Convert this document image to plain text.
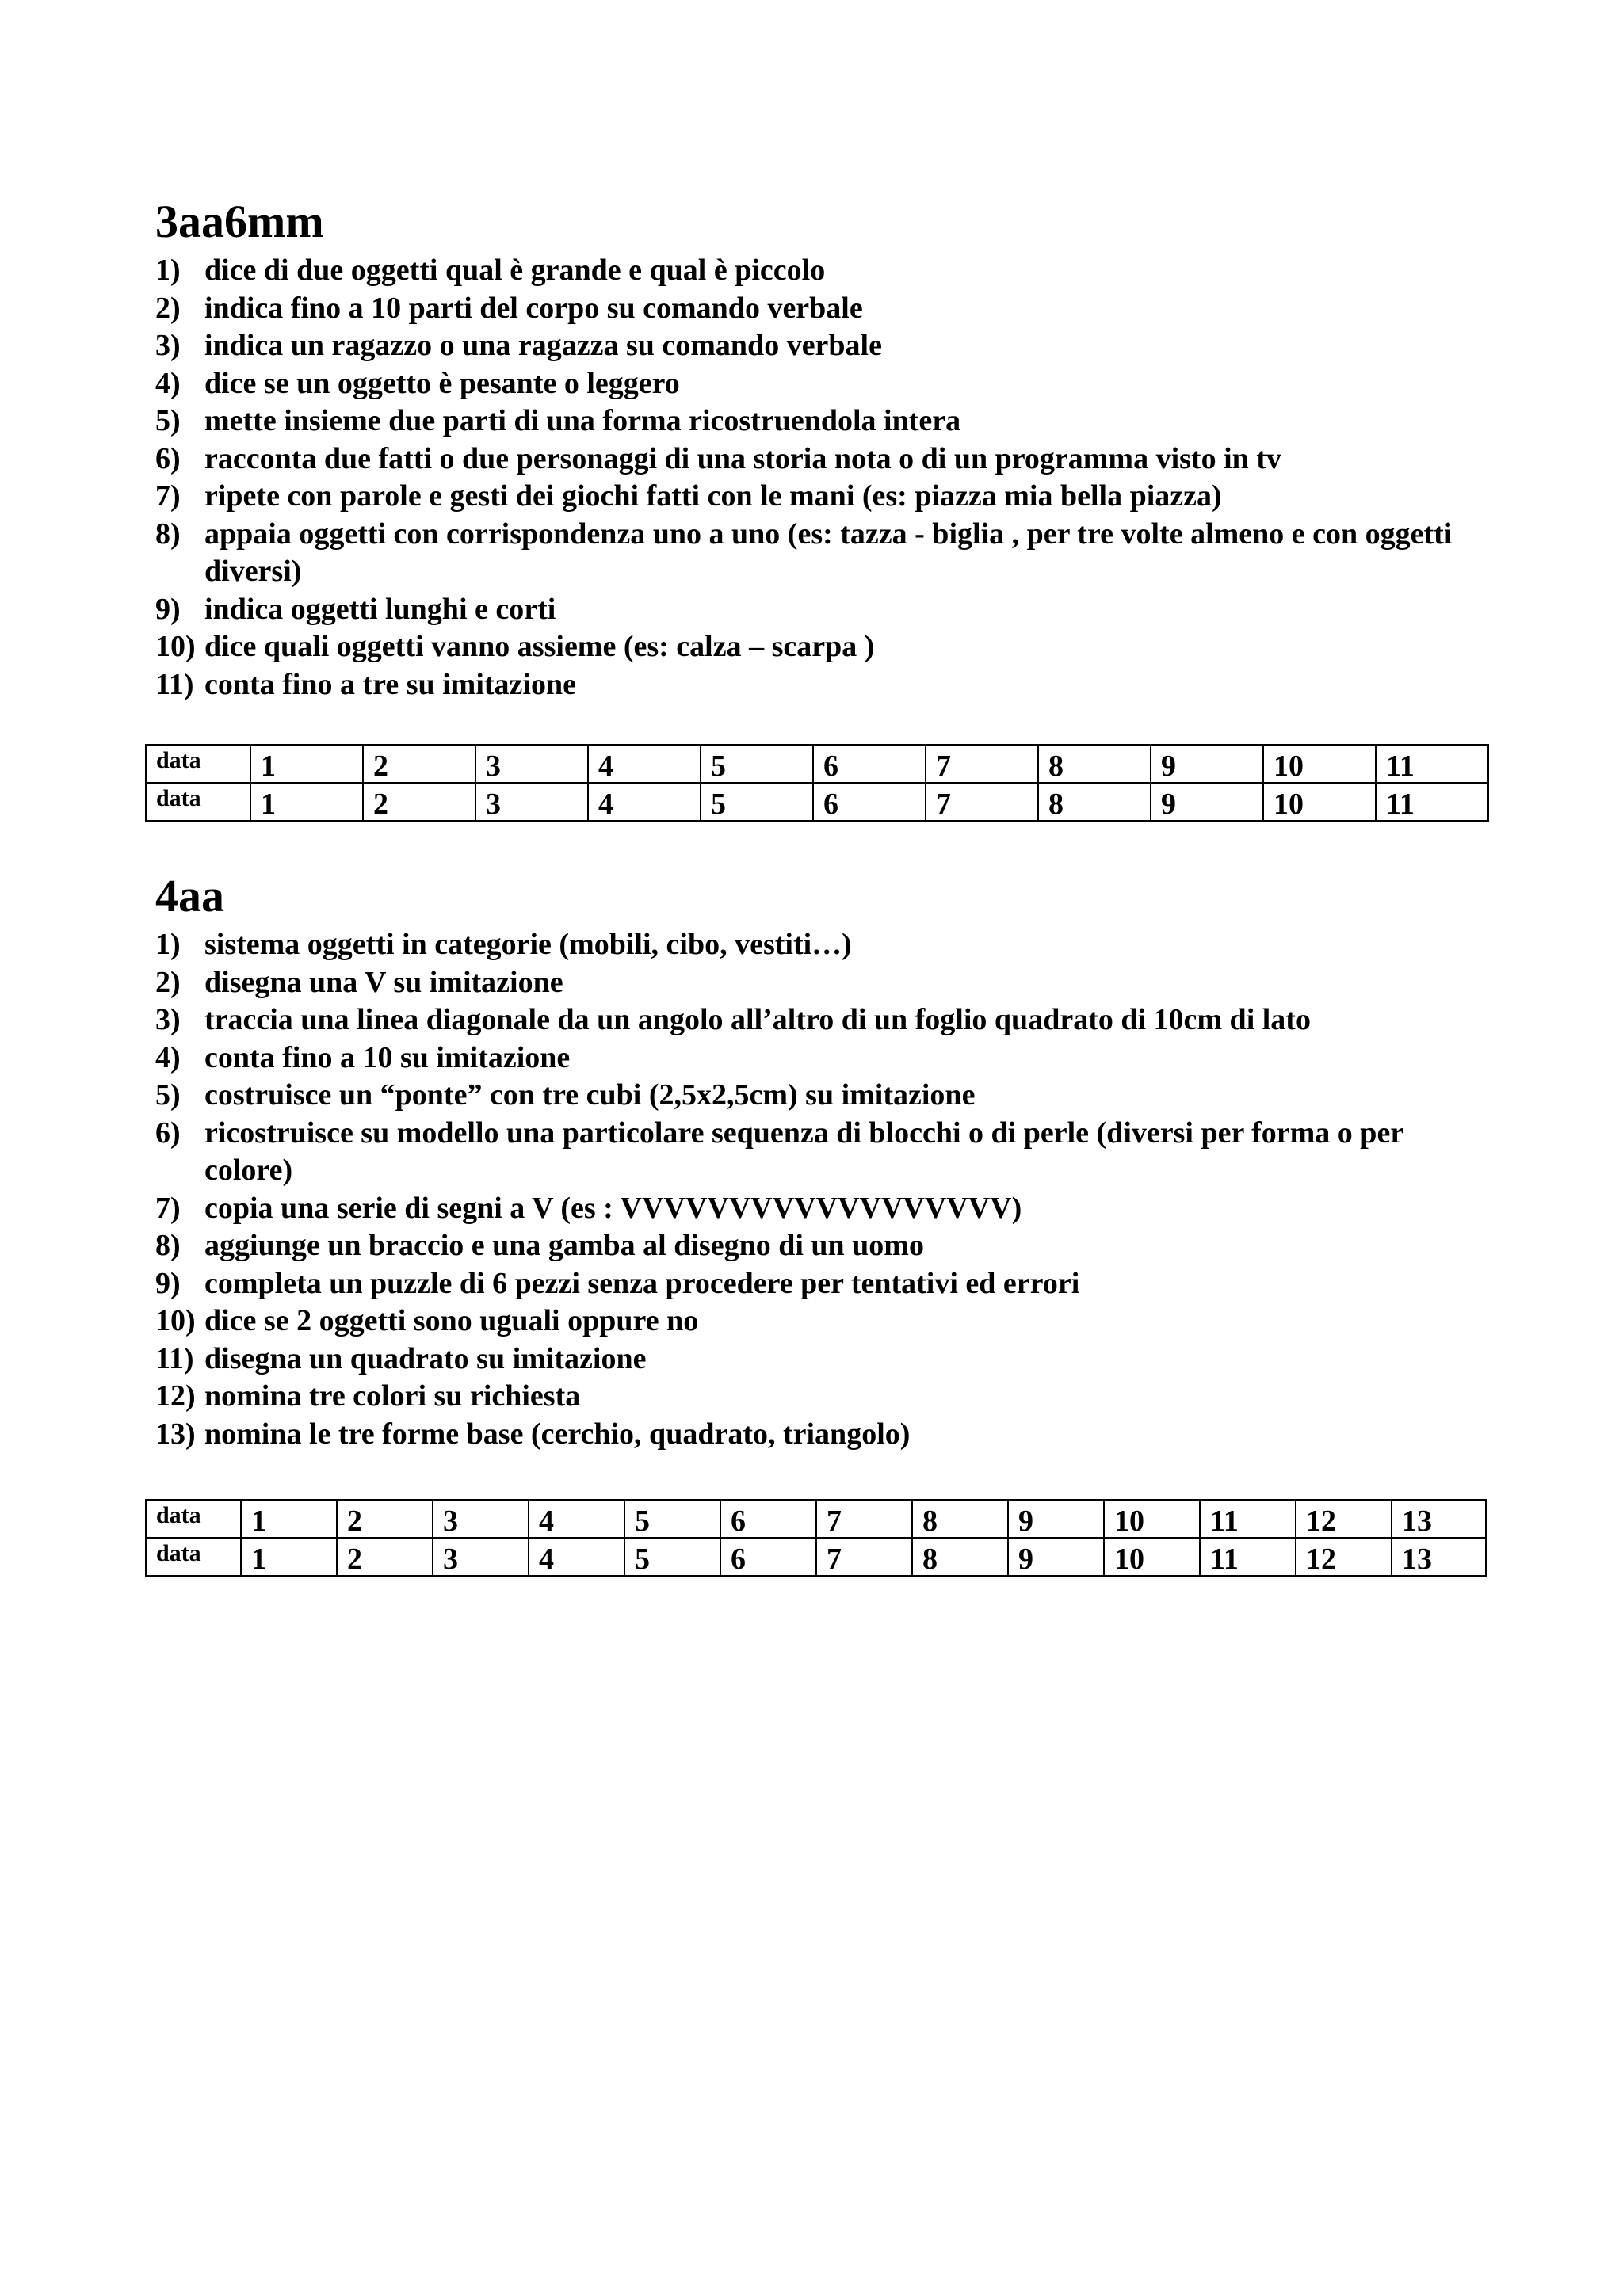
3aa6mm
1) dice di due oggetti qual è grande e qual è piccolo
2) indica fino a 10 parti del corpo su comando verbale
3) indica un ragazzo o una ragazza su comando verbale
4) dice se un oggetto è pesante o leggero
5) mette insieme due parti di una forma ricostruendola intera
6) racconta due fatti o due personaggi di una storia nota o di un programma visto in tv
7) ripete con parole e gesti dei giochi fatti con le mani (es: piazza mia bella piazza)
8) appaia oggetti con corrispondenza uno a uno (es: tazza - biglia , per tre volte almeno e con oggetti diversi)
9) indica oggetti lunghi e corti
10) dice quali oggetti vanno assieme (es: calza – scarpa )
11) conta fino a tre su imitazione
data	1	2	3	4	5	6	7	8	9	10	11
data	1	2	3	4	5	6	7	8	9	10	11
4aa
1) sistema oggetti in categorie (mobili, cibo, vestiti…)
2) disegna una V su imitazione
3) traccia una linea diagonale da un angolo all’altro di un foglio quadrato di 10cm di lato
4) conta fino a 10 su imitazione
5) costruisce un “ponte” con tre cubi (2,5x2,5cm) su imitazione
6) ricostruisce su modello una particolare sequenza di blocchi o di perle (diversi per forma o per colore)
7) copia una serie di segni a V (es : VVVVVVVVVVVVVVVVVV)
8) aggiunge un braccio e una gamba al disegno di un uomo
9) completa un puzzle di 6 pezzi senza procedere per tentativi ed errori
10) dice se 2 oggetti sono uguali oppure no
11) disegna un quadrato su imitazione
12) nomina tre colori su richiesta
13) nomina le tre forme base (cerchio, quadrato, triangolo)
data	1	2	3	4	5	6	7	8	9	10	11	12	13
data	1	2	3	4	5	6	7	8	9	10	11	12	13
